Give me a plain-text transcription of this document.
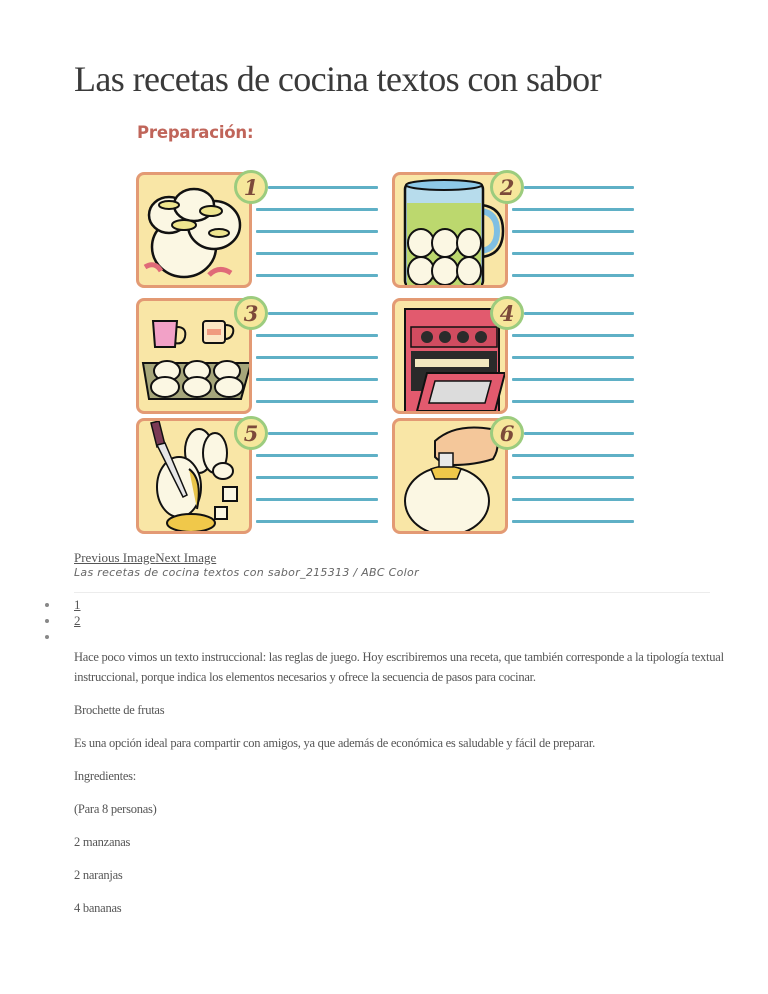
Las recetas de cocina textos con sabor
Preparación:
1	2
3	4
5	6
Previous ImageNext Image
Las recetas de cocina textos con sabor_215313 / ABC Color
1
2

Hace poco vimos un texto instruccional: las reglas de juego. Hoy escribiremos una receta, que también corresponde a la tipología textual instruccional, porque indica los elementos necesarios y ofrece la secuencia de pasos para cocinar.

Brochette de frutas

Es una opción ideal para compartir con amigos, ya que además de económica es saludable y fácil de preparar.

Ingredientes:

(Para 8 personas)

2 manzanas

2 naranjas

4 bananas
